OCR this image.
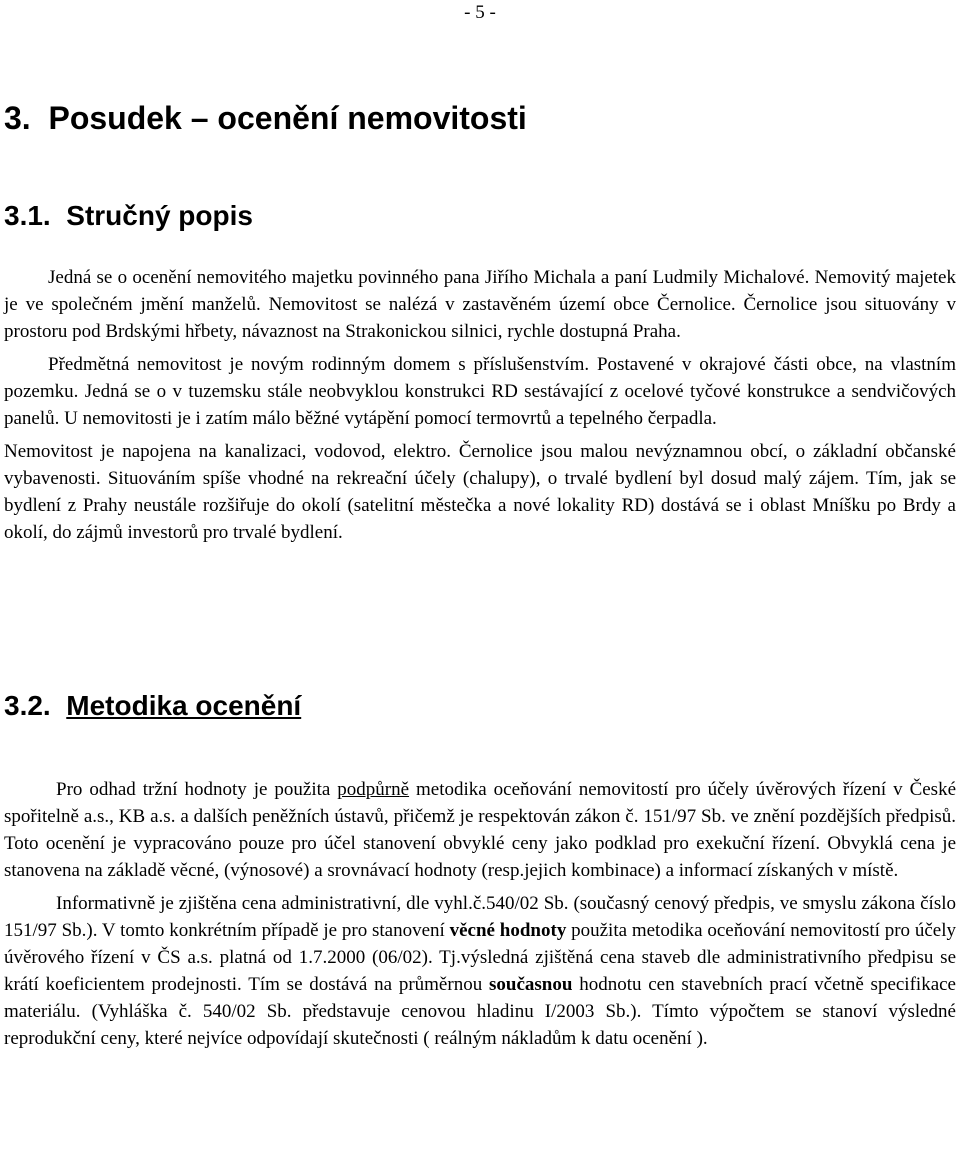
- 5 -
3. Posudek – ocenění nemovitosti
3.1. Stručný popis

Jedná se o ocenění nemovitého majetku povinného pana Jiřího Michala a paní Ludmily Michalové. Nemovitý majetek je ve společném jmění manželů. Nemovitost se nalézá v zastavěném území obce Černolice. Černolice jsou situovány v prostoru pod Brdskými hřbety, návaznost na Strakonickou silnici, rychle dostupná Praha.

Předmětná nemovitost je novým rodinným domem s příslušenstvím. Postavené v okrajové části obce, na vlastním pozemku. Jedná se o v tuzemsku stále neobvyklou konstrukci RD sestávající z ocelové tyčové konstrukce a sendvičových panelů. U nemovitosti je i zatím málo běžné vytápění pomocí termovrtů a tepelného čerpadla.

Nemovitost je napojena na kanalizaci, vodovod, elektro. Černolice jsou malou nevýznamnou obcí, o základní občanské vybavenosti. Situováním spíše vhodné na rekreační účely (chalupy), o trvalé bydlení byl dosud malý zájem. Tím, jak se bydlení z Prahy neustále rozšiřuje do okolí (satelitní městečka a nové lokality RD) dostává se i oblast Mníšku po Brdy a okolí, do zájmů investorů pro trvalé bydlení.

3.2. Metodika ocenění

Pro odhad tržní hodnoty je použita podpůrně metodika oceňování nemovitostí pro účely úvěrových řízení v České spořitelně a.s., KB a.s. a dalších peněžních ústavů, přičemž je respektován zákon č. 151/97 Sb. ve znění pozdějších předpisů. Toto ocenění je vypracováno pouze pro účel stanovení obvyklé ceny jako podklad pro exekuční řízení. Obvyklá cena je stanovena na základě věcné, (výnosové) a srovnávací hodnoty (resp.jejich kombinace) a informací získaných v místě.

Informativně je zjištěna cena administrativní, dle vyhl.č.540/02 Sb. (současný cenový předpis, ve smyslu zákona číslo 151/97 Sb.). V tomto konkrétním případě je pro stanovení věcné hodnoty použita metodika oceňování nemovitostí pro účely úvěrového řízení v ČS a.s. platná od 1.7.2000 (06/02). Tj.výsledná zjištěná cena staveb dle administrativního předpisu se krátí koeficientem prodejnosti. Tím se dostává na průměrnou současnou hodnotu cen stavebních prací včetně specifikace materiálu. (Vyhláška č. 540/02 Sb. představuje cenovou hladinu I/2003 Sb.). Tímto výpočtem se stanoví výsledné reprodukční ceny, které nejvíce odpovídají skutečnosti ( reálným nákladům k datu ocenění ).
